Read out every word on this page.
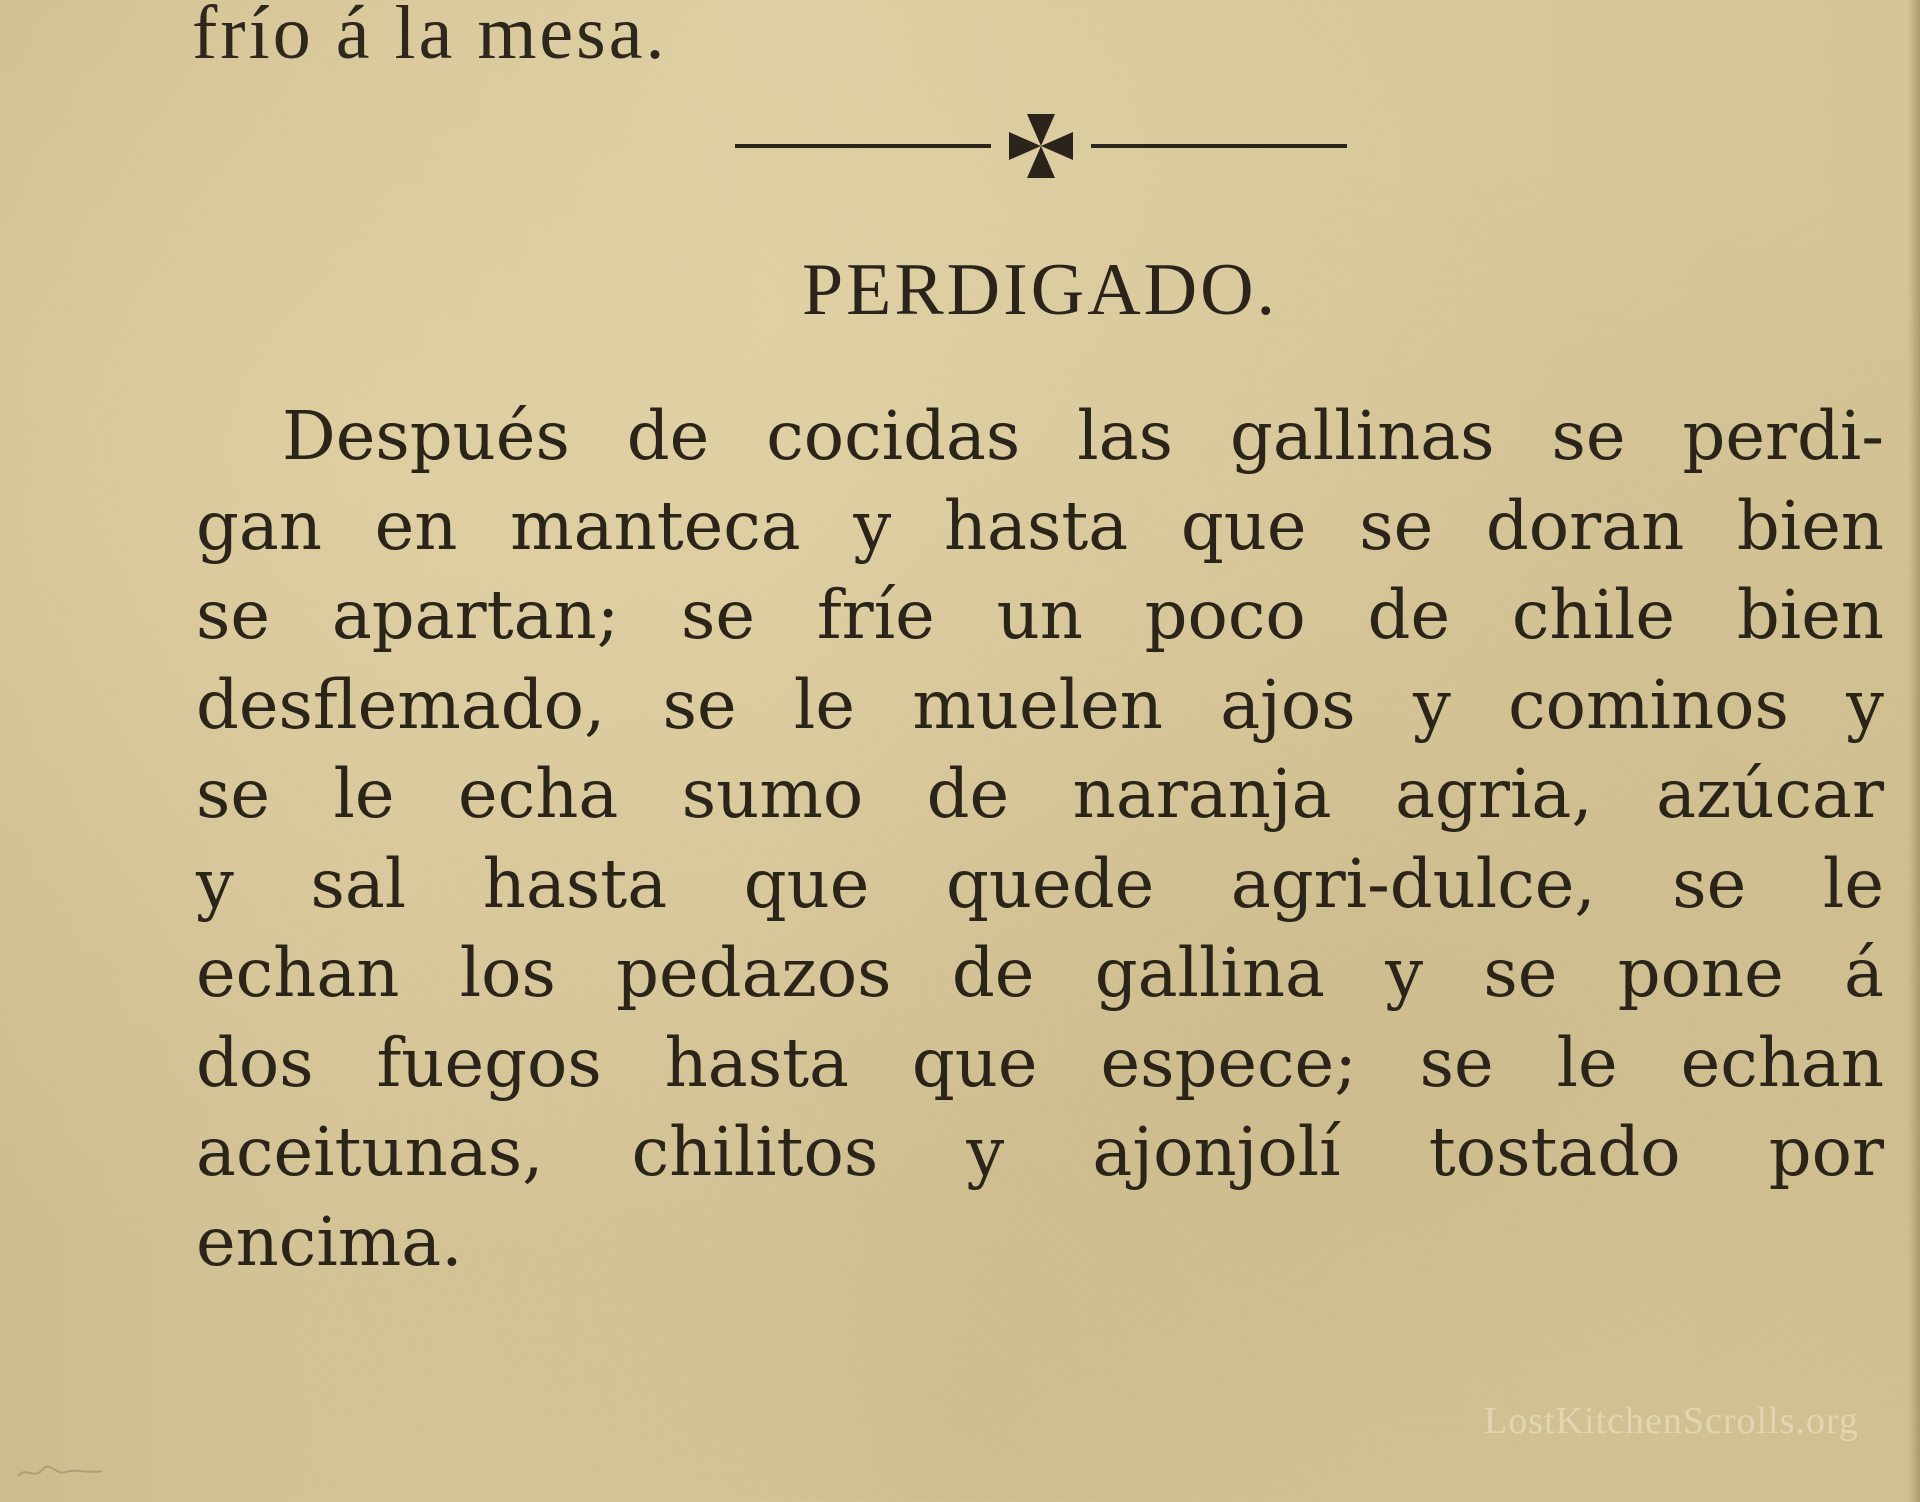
frío á la mesa.
PERDIGADO.
Después de cocidas las gallinas se perdi-
gan en manteca y hasta que se doran bien
se apartan; se fríe un poco de chile bien
desflemado, se le muelen ajos y cominos y
se le echa sumo de naranja agria, azúcar
y sal hasta que quede agri-dulce, se le
echan los pedazos de gallina y se pone á
dos fuegos hasta que espece; se le echan
aceitunas, chilitos y ajonjolí tostado por
encima.
LostKitchenScrolls.org
